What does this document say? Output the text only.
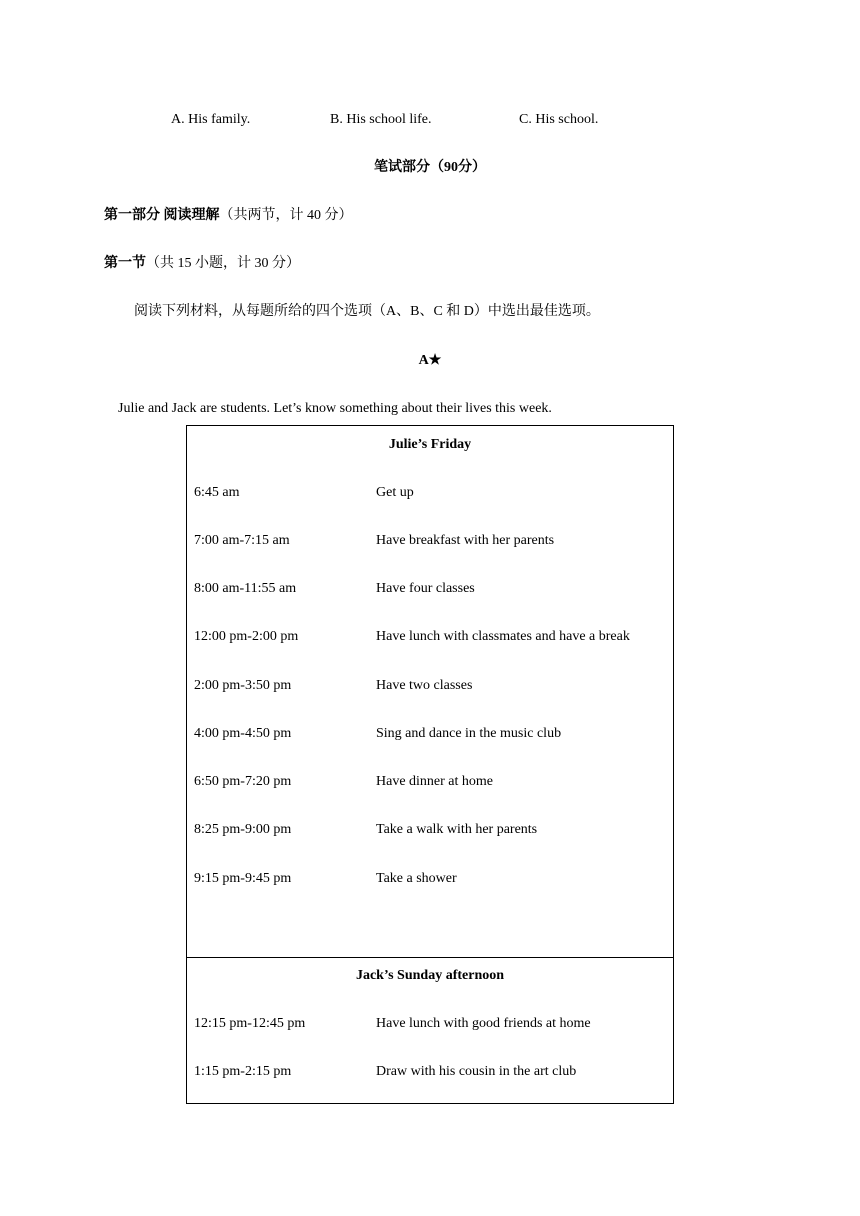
A. His family.	B. His school life.	C. His school.
笔试部分（90分）
第一部分 阅读理解（共两节，计 40 分）
第一节（共 15 小题，计 30 分）
阅读下列材料，从每题所给的四个选项（A、B、C 和 D）中选出最佳选项。
A★
Julie and Jack are students. Let’s know something about their lives this week.
Julie’s Friday
6:45 am	Get up
7:00 am-7:15 am	Have breakfast with her parents
8:00 am-11:55 am	Have four classes
12:00 pm-2:00 pm	Have lunch with classmates and have a break
2:00 pm-3:50 pm	Have two classes
4:00 pm-4:50 pm	Sing and dance in the music club
6:50 pm-7:20 pm	Have dinner at home
8:25 pm-9:00 pm	Take a walk with her parents
9:15 pm-9:45 pm	Take a shower
Jack’s Sunday afternoon
12:15 pm-12:45 pm	Have lunch with good friends at home
1:15 pm-2:15 pm	Draw with his cousin in the art club
